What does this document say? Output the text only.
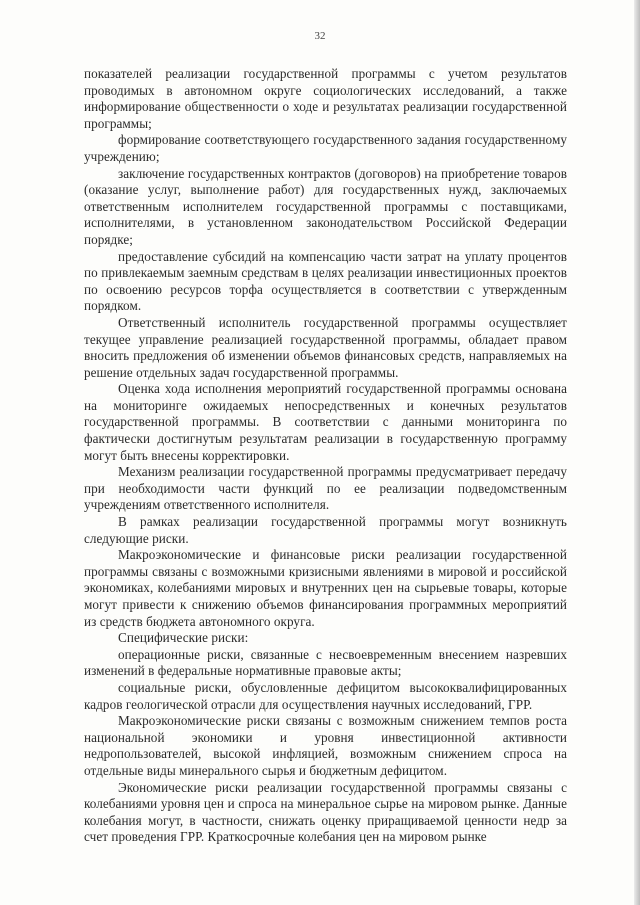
32

показателей реализации государственной программы с учетом результатов проводимых в автономном округе социологических исследований, а также информирование общественности о ходе и результатах реализации государственной программы;

формирование соответствующего государственного задания государственному учреждению;

заключение государственных контрактов (договоров) на приобретение товаров (оказание услуг, выполнение работ) для государственных нужд, заключаемых ответственным исполнителем государственной программы с поставщиками, исполнителями, в установленном законодательством Российской Федерации порядке;

предоставление субсидий на компенсацию части затрат на уплату процентов по привлекаемым заемным средствам в целях реализации инвестиционных проектов по освоению ресурсов торфа осуществляется в соответствии с утвержденным порядком.

Ответственный исполнитель государственной программы осуществляет текущее управление реализацией государственной программы, обладает правом вносить предложения об изменении объемов финансовых средств, направляемых на решение отдельных задач государственной программы.

Оценка хода исполнения мероприятий государственной программы основана на мониторинге ожидаемых непосредственных и конечных результатов государственной программы. В соответствии с данными мониторинга по фактически достигнутым результатам реализации в государственную программу могут быть внесены корректировки.

Механизм реализации государственной программы предусматривает передачу при необходимости части функций по ее реализации подведомственным учреждениям ответственного исполнителя.

В рамках реализации государственной программы могут возникнуть следующие риски.

Макроэкономические и финансовые риски реализации государственной программы связаны с возможными кризисными явлениями в мировой и российской экономиках, колебаниями мировых и внутренних цен на сырьевые товары, которые могут привести к снижению объемов финансирования программных мероприятий из средств бюджета автономного округа.

Специфические риски:

операционные риски, связанные с несвоевременным внесением назревших изменений в федеральные нормативные правовые акты;

социальные риски, обусловленные дефицитом высококвалифицированных кадров геологической отрасли для осуществления научных исследований, ГРР.

Макроэкономические риски связаны с возможным снижением темпов роста национальной экономики и уровня инвестиционной активности недропользователей, высокой инфляцией, возможным снижением спроса на отдельные виды минерального сырья и бюджетным дефицитом.

Экономические риски реализации государственной программы связаны с колебаниями уровня цен и спроса на минеральное сырье на мировом рынке. Данные колебания могут, в частности, снижать оценку приращиваемой ценности недр за счет проведения ГРР. Краткосрочные колебания цен на мировом рынке
